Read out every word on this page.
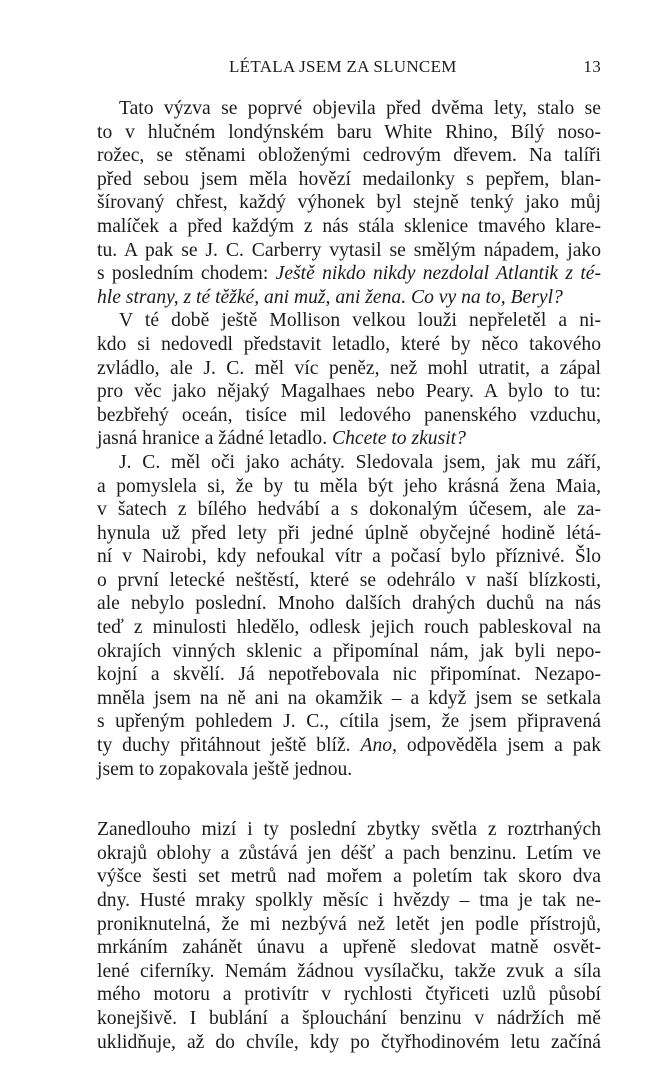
LÉTALA JSEM ZA SLUNCEM	13
Tato výzva se poprvé objevila před dvěma lety, stalo se
to v hlučném londýnském baru White Rhino, Bílý noso-
rožec, se stěnami obloženými cedrovým dřevem. Na talíři
před sebou jsem měla hovězí medailonky s pepřem, blan-
šírovaný chřest, každý výhonek byl stejně tenký jako můj
malíček a před každým z nás stála sklenice tmavého klare-
tu. A pak se J. C. Carberry vytasil se smělým nápadem, jako
s posledním chodem: Ještě nikdo nikdy nezdolal Atlantik z té-
hle strany, z té těžké, ani muž, ani žena. Co vy na to, Beryl?
V té době ještě Mollison velkou louži nepřeletěl a ni-
kdo si nedovedl představit letadlo, které by něco takového
zvládlo, ale J. C. měl víc peněz, než mohl utratit, a zápal
pro věc jako nějaký Magalhaes nebo Peary. A bylo to tu:
bezbřehý oceán, tisíce mil ledového panenského vzduchu,
jasná hranice a žádné letadlo. Chcete to zkusit?
J. C. měl oči jako acháty. Sledovala jsem, jak mu září,
a pomyslela si, že by tu měla být jeho krásná žena Maia,
v šatech z bílého hedvábí a s dokonalým účesem, ale za-
hynula už před lety při jedné úplně obyčejné hodině létá-
ní v Nairobi, kdy nefoukal vítr a počasí bylo příznivé. Šlo
o první letecké neštěstí, které se odehrálo v naší blízkosti,
ale nebylo poslední. Mnoho dalších drahých duchů na nás
teď z minulosti hledělo, odlesk jejich rouch pableskoval na
okrajích vinných sklenic a připomínal nám, jak byli nepo-
kojní a skvělí. Já nepotřebovala nic připomínat. Nezapo-
mněla jsem na ně ani na okamžik – a když jsem se setkala
s upřeným pohledem J. C., cítila jsem, že jsem připravená
ty duchy přitáhnout ještě blíž. Ano, odpověděla jsem a pak
jsem to zopakovala ještě jednou.
Zanedlouho mizí i ty poslední zbytky světla z roztrhaných
okrajů oblohy a zůstává jen déšť a pach benzinu. Letím ve
výšce šesti set metrů nad mořem a poletím tak skoro dva
dny. Husté mraky spolkly měsíc i hvězdy – tma je tak ne-
proniknutelná, že mi nezbývá než letět jen podle přístrojů,
mrkáním zahánět únavu a upřeně sledovat matně osvět-
lené ciferníky. Nemám žádnou vysílačku, takže zvuk a síla
mého motoru a protivítr v rychlosti čtyřiceti uzlů působí
konejšivě. I bublání a šplouchání benzinu v nádržích mě
uklidňuje, až do chvíle, kdy po čtyřhodinovém letu začíná
